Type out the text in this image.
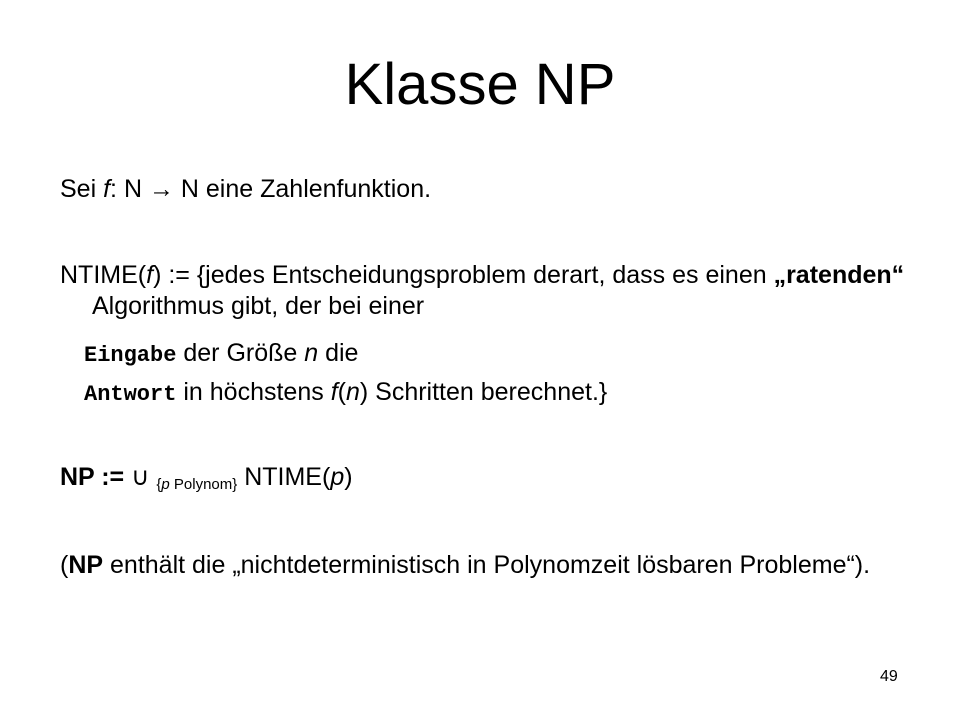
Klasse NP
Sei f: N → N eine Zahlenfunktion.
NTIME(f) := {jedes Entscheidungsproblem derart, dass es einen „ratenden“ Algorithmus gibt, der bei einer
Eingabe der Größe n die
Antwort in höchstens f(n) Schritten berechnet.}
NP := ∪ $_{\{p Polynom\}}$ NTIME(p)
(NP enthält die „nichtdeterministisch in Polynomzeit lösbaren Probleme“).
49
